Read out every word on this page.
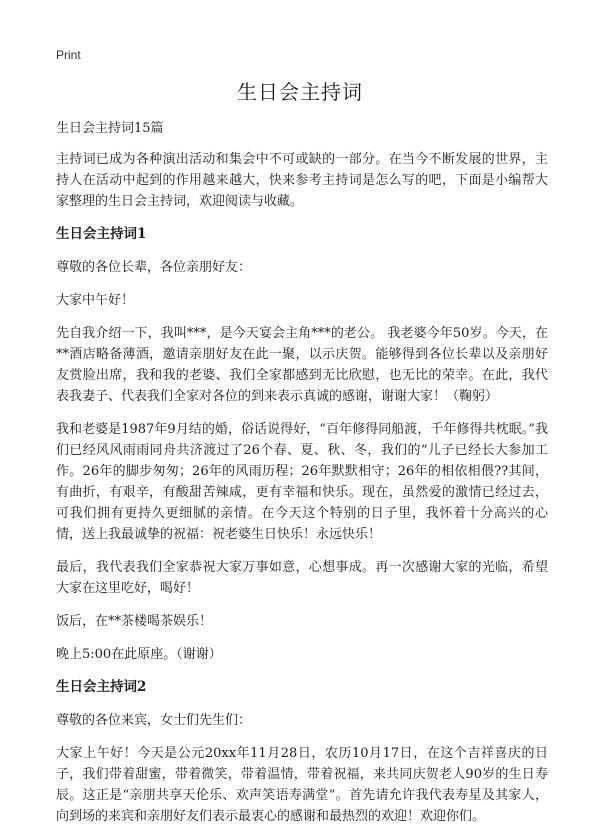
Print
生日会主持词

生日会主持词15篇

主持词已成为各种演出活动和集会中不可或缺的一部分。在当今不断发展的世界，主持人在活动中起到的作用越来越大，快来参考主持词是怎么写的吧，下面是小编帮大家整理的生日会主持词，欢迎阅读与收藏。

生日会主持词1

尊敬的各位长辈，各位亲朋好友：

大家中午好！

先自我介绍一下，我叫***，是今天宴会主角***的老公。 我老婆今年50岁。今天，在**酒店略备薄酒，邀请亲朋好友在此一聚，以示庆贺。能够得到各位长辈以及亲朋好友赏脸出席，我和我的老婆、我们全家都感到无比欣慰，也无比的荣幸。在此，我代表我妻子、代表我们全家对各位的到来表示真诚的感谢，谢谢大家！（鞠躬）

我和老婆是1987年9月结的婚，俗话说得好，“百年修得同船渡，千年修得共枕眠。”我们已经风风雨雨同舟共济渡过了26个春、夏、秋、冬，我们的“儿子已经长大参加工作。26年的脚步匆匆；26年的风雨历程；26年默默相守；26年的相依相偎??其间，有曲折，有艰辛，有酸甜苦辣咸，更有幸福和快乐。现在，虽然爱的激情已经过去，可我们拥有更持久更细腻的亲情。在今天这个特别的日子里，我怀着十分高兴的心情，送上我最诚挚的祝福：祝老婆生日快乐！永远快乐！

最后，我代表我们全家恭祝大家万事如意，心想事成。再一次感谢大家的光临，希望大家在这里吃好，喝好！

饭后，在**茶楼喝茶娱乐！

晚上5:00在此原座。（谢谢）

生日会主持词2

尊敬的各位来宾，女士们先生们：

大家上午好！今天是公元20xx年11月28日，农历10月17日，在这个吉祥喜庆的日子，我们带着甜蜜，带着微笑，带着温情，带着祝福，来共同庆贺老人90岁的生日寿辰。这正是“亲朋共享天伦乐、欢声笑语寿满堂”。首先请允许我代表寿星及其家人，向到场的来宾和亲朋好友们表示最衷心的感谢和最热烈的欢迎！欢迎你们。
